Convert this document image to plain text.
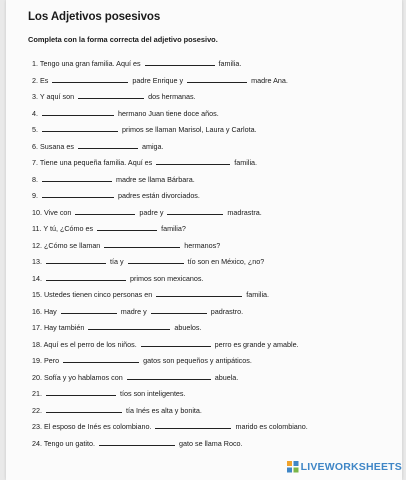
Los Adjetivos posesivos
Completa con la forma correcta del adjetivo posesivo.
1. Tengo una gran familia. Aquí es	familia.
2. Es	padre Enrique y	madre Ana.
3. Y aquí son	dos hermanas.
4.	hermano Juan tiene doce años.
5.	primos se llaman Marisol, Laura y Carlota.
6. Susana es	amiga.
7. Tiene una pequeña familia. Aquí es	familia.
8.	madre se llama Bárbara.
9.	padres están divorciados.
10. Vive con	padre y	madrastra.
11. Y tú, ¿Cómo es	familia?
12. ¿Cómo se llaman	hermanos?
13.	tía y	tío son en México, ¿no?
14.	primos son mexicanos.
15. Ustedes tienen cinco personas en	familia.
16. Hay	madre y	padrastro.
17. Hay también	abuelos.
18. Aquí es el perro de los niños.	perro es grande y amable.
19. Pero	gatos son pequeños y antipáticos.
20. Sofía y yo hablamos con	abuela.
21.	tíos son inteligentes.
22.	tía Inés es alta y bonita.
23. El esposo de Inés es colombiano.	marido es colombiano.
24. Tengo un gatito.	gato se llama Roco.
LIVEWORKSHEETS
